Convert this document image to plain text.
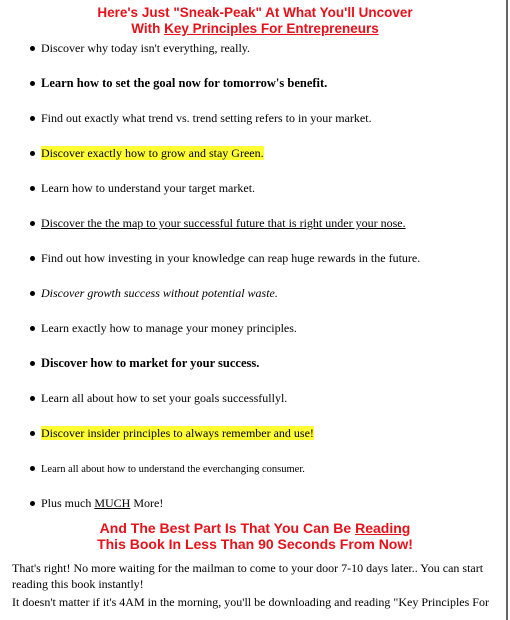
Here's Just "Sneak-Peak" At What You'll Uncover
With Key Principles For Entrepreneurs
Discover why today isn't everything, really.
Learn how to set the goal now for tomorrow's benefit.
Find out exactly what trend vs. trend setting refers to in your market.
Discover exactly how to grow and stay Green.
Learn how to understand your target market.
Discover the the map to your successful future that is right under your nose.
Find out how investing in your knowledge can reap huge rewards in the future.
Discover growth success without potential waste.
Learn exactly how to manage your money principles.
Discover how to market for your success.
Learn all about how to set your goals successfullyl.
Discover insider principles to always remember and use!
Learn all about how to understand the everchanging consumer.
Plus much MUCH More!
And The Best Part Is That You Can Be Reading
This Book In Less Than 90 Seconds From Now!
That's right! No more waiting for the mailman to come to your door 7-10 days later.. You can start reading this book instantly!
It doesn't matter if it's 4AM in the morning, you'll be downloading and reading "Key Principles For
